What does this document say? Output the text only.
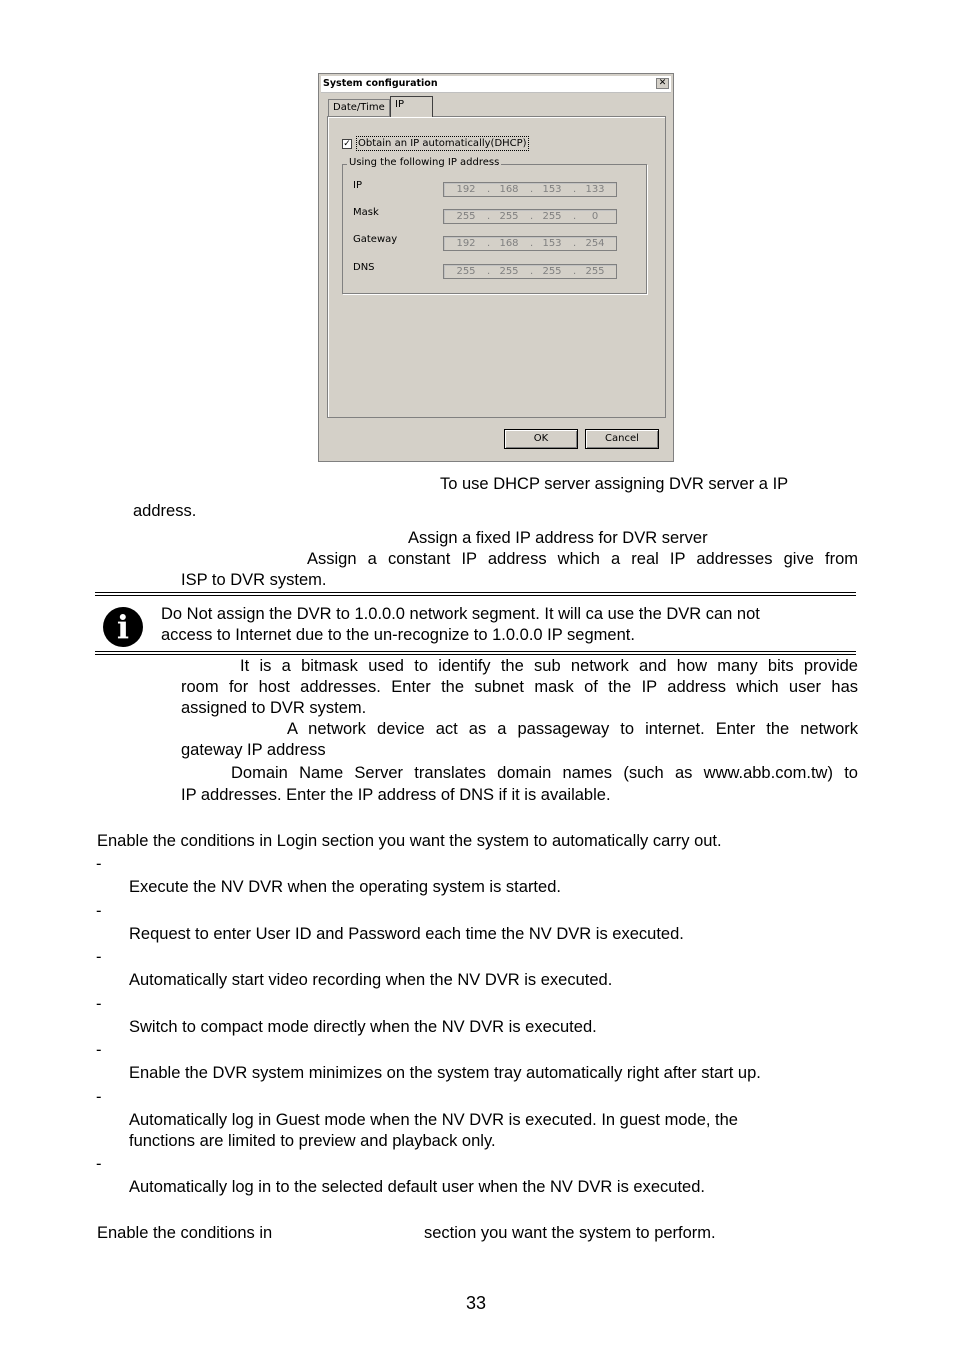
System configuration	✕
Date/Time	IP
✓ Obtain an IP automatically(DHCP)
Using the following IP address
IP	192	. 168	. 153	. 133
Mask	255	. 255	. 255	.	0
Gateway	192	. 168	. 153	. 254
DNS	255	. 255	. 255	. 255
OK	Cancel
To use DHCP server assigning DVR server a IP
address.
Assign a fixed IP address for DVR server
Assign a constant IP address which a real IP addresses give from
ISP to DVR system.
i	Do Not assign the DVR to 1.0.0.0 network segment. It will ca use the DVR can not
access to Internet due to the un-recognize to 1.0.0.0 IP segment.
It is a bitmask used to identify the sub network and how many bits provide
room for host addresses. Enter the subnet mask of the IP address which user has
assigned to DVR system.
A network device act as a passageway to internet. Enter the network
gateway IP address
Domain Name Server translates domain names (such as www.abb.com.tw) to
IP addresses. Enter the IP address of DNS if it is available.
Enable the conditions in Login section you want the system to automatically carry out.
-
Execute the NV DVR when the operating system is started.
-
Request to enter User ID and Password each time the NV DVR is executed.
-
Automatically start video recording when the NV DVR is executed.
-
Switch to compact mode directly when the NV DVR is executed.
-
Enable the DVR system minimizes on the system tray automatically right after start up.
-
Automatically log in Guest mode when the NV DVR is executed. In guest mode, the
functions are limited to preview and playback only.
-
Automatically log in to the selected default user when the NV DVR is executed.
Enable the conditions in	section you want the system to perform.
33
